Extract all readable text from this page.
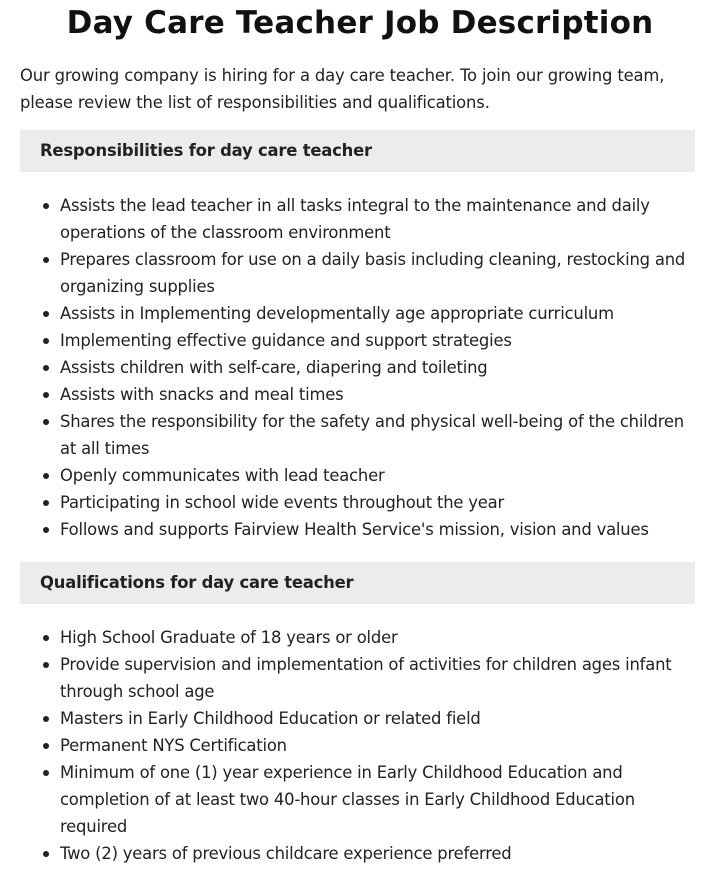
Day Care Teacher Job Description

Our growing company is hiring for a day care teacher. To join our growing team, please review the list of responsibilities and qualifications.

Responsibilities for day care teacher
Assists the lead teacher in all tasks integral to the maintenance and daily operations of the classroom environment
Prepares classroom for use on a daily basis including cleaning, restocking and organizing supplies
Assists in Implementing developmentally age appropriate curriculum
Implementing effective guidance and support strategies
Assists children with self-care, diapering and toileting
Assists with snacks and meal times
Shares the responsibility for the safety and physical well-being of the children at all times
Openly communicates with lead teacher
Participating in school wide events throughout the year
Follows and supports Fairview Health Service's mission, vision and values
Qualifications for day care teacher
High School Graduate of 18 years or older
Provide supervision and implementation of activities for children ages infant through school age
Masters in Early Childhood Education or related field
Permanent NYS Certification
Minimum of one (1) year experience in Early Childhood Education and completion of at least two 40-hour classes in Early Childhood Education required
Two (2) years of previous childcare experience preferred
